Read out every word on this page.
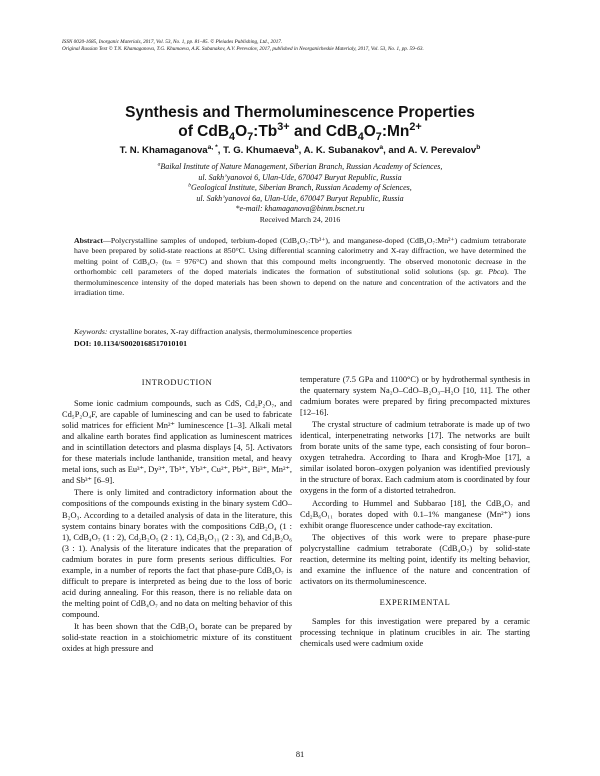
ISSN 0020-1685, Inorganic Materials, 2017, Vol. 53, No. 1, pp. 81–85. © Pleiades Publishing, Ltd., 2017.
Original Russian Text © T.N. Khamaganova, T.G. Khumaeva, A.K. Subanakov, A.V. Perevalov, 2017, published in Neorganicheskie Materialy, 2017, Vol. 53, No. 1, pp. 59–63.
Synthesis and Thermoluminescence Properties
of $CdB_4O_7:Tb^{3+}$ and $CdB_4O_7:Mn^{2+}$
T. N. Khamaganova$^{a, *}$, T. G. Khumaeva$^b$, A. K. Subanakov$^a$, and A. V. Perevalov$^b$
$^a$Baikal Institute of Nature Management, Siberian Branch, Russian Academy of Sciences,
ul. Sakh’yanovoi 6, Ulan-Ude, 670047 Buryat Republic, Russia
$^b$Geological Institute, Siberian Branch, Russian Academy of Sciences,
ul. Sakh’yanovoi 6a, Ulan-Ude, 670047 Buryat Republic, Russia
*e-mail: khamaganova@binm.bscnet.ru
Received March 24, 2016
Abstract—Polycrystalline samples of undoped, terbium-doped (CdB₄O₇:Tb³⁺), and manganese-doped (CdB₄O₇:Mn²⁺) cadmium tetraborate have been prepared by solid-state reactions at 850°C. Using differential scanning calorimetry and X-ray diffraction, we have determined the melting point of CdB₄O₇ (tₘ = 976°C) and shown that this compound melts incongruently. The observed monotonic decrease in the orthorhombic cell parameters of the doped materials indicates the formation of substitutional solid solutions (sp. gr. Pbca). The thermoluminescence intensity of the doped materials has been shown to depend on the nature and concentration of the activators and the irradiation time.
Keywords: crystalline borates, X-ray diffraction analysis, thermoluminescence properties
DOI: 10.1134/S0020168517010101

INTRODUCTION

Some ionic cadmium compounds, such as CdS, Cd₂P₂O₇, and Cd₅P₂O₄F, are capable of luminescing and can be used to fabricate solid matrices for efficient Mn²⁺ luminescence [1–3]. Alkali metal and alkaline earth borates find application as luminescent matrices and in scintillation detectors and plasma displays [4, 5]. Activators for these materials include lanthanide, transition metal, and heavy metal ions, such as Eu³⁺, Dy³⁺, Tb³⁺, Yb³⁺, Cu²⁺, Pb²⁺, Bi³⁺, Mn²⁺, and Sb³⁺ [6–9].

There is only limited and contradictory information about the compositions of the compounds existing in the binary system CdO–B₂O₃. According to a detailed analysis of data in the literature, this system contains binary borates with the compositions CdB₂O₄ (1 : 1), CdB₄O₇ (1 : 2), Cd₂B₂O₅ (2 : 1), Cd₂B₆O₁₁ (2 : 3), and Cd₃B₂O₆ (3 : 1). Analysis of the literature indicates that the preparation of cadmium borates in pure form presents serious difficulties. For example, in a number of reports the fact that phase-pure CdB₄O₇ is difficult to prepare is interpreted as being due to the loss of boric acid during annealing. For this reason, there is no reliable data on the melting point of CdB₄O₇ and no data on melting behavior of this compound.

It has been shown that the CdB₂O₄ borate can be prepared by solid-state reaction in a stoichiometric mixture of its constituent oxides at high pressure and

temperature (7.5 GPa and 1100°C) or by hydrothermal synthesis in the quaternary system Na₂O–CdO–B₂O₃–H₂O [10, 11]. The other cadmium borates were prepared by firing precompacted mixtures [12–16].

The crystal structure of cadmium tetraborate is made up of two identical, interpenetrating networks [17]. The networks are built from borate units of the same type, each consisting of four boron–oxygen tetrahedra. According to Ihara and Krogh-Moe [17], a similar isolated boron–oxygen polyanion was identified previously in the structure of borax. Each cadmium atom is coordinated by four oxygens in the form of a distorted tetrahedron.

According to Hummel and Subbarao [18], the CdB₄O₇ and Cd₂B₆O₁₁ borates doped with 0.1–1% manganese (Mn²⁺) ions exhibit orange fluorescence under cathode-ray excitation.

The objectives of this work were to prepare phase-pure polycrystalline cadmium tetraborate (CdB₄O₇) by solid-state reaction, determine its melting point, identify its melting behavior, and examine the influence of the nature and concentration of activators on its thermoluminescence.

EXPERIMENTAL

Samples for this investigation were prepared by a ceramic processing technique in platinum crucibles in air. The starting chemicals used were cadmium oxide

81
